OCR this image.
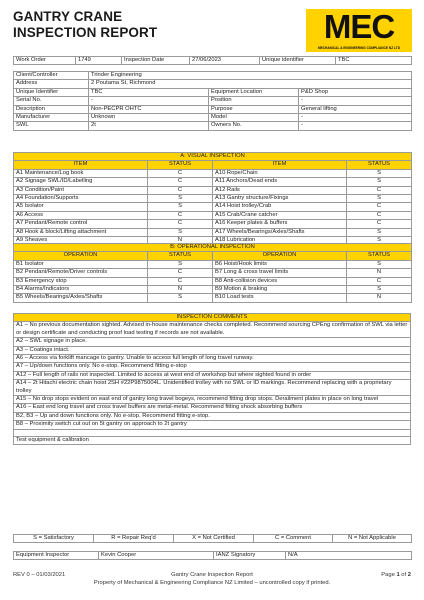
GANTRY CRANE
INSPECTION REPORT	MEC
MECHANICAL & ENGINEERING COMPLIANCE NZ LTD
Work Order	1749	Inspection Date	27/06/2023	Unique identifier	TBC
Client/Controller	Trinder Engineering		
Address	2 Poutama St, Richmond		
Unique Identifier	TBC	Equipment Location	P&D Shop
Serial No.	-	Position	-
Description	Non-PECPR OHTC	Purpose	General lifting
Manufacturer	Unknown	Model	-
SWL	2t	Owners No.	-
A: VISUAL INSPECTION			
ITEM	STATUS	ITEM	STATUS
A1 Maintenance/Log book	C	A10 Rope/Chain	S
A2 Signage SWL/ID/Labelling	C	A11 Anchors/Dead ends	S
A3 Condition/Paint	C	A12 Rails	C
A4 Foundation/Supports	S	A13 Gantry structure/Fixings	S
A5 Isolator	S	A14 Hoist trolley/Crab	C
A6 Access	C	A15 Crab/Crane catcher	C
A7 Pendant/Remote control	C	A16 Keeper plates & buffers	C
A8 Hook & block/Lifting attachment	S	A17 Wheels/Bearings/Axles/Shafts	S
A9 Sheaves	N	A18 Lubrication	S
B: OPERATIONAL INSPECTION			
OPERATION	STATUS	OPERATION	STATUS
B1 Isolator	S	B6 Hoist/Hook limits	S
B2 Pendant/Remote/Driver controls	C	B7 Long & cross travel limits	N
B3 Emergency stop	C	B8 Anti-collision devices	C
B4 Alarms/Indicators	N	B9 Motion & braking	S
B5 Wheels/Bearings/Axles/Shafts	S	B10 Load tests	N
INSPECTION COMMENTS
A1 – No previous documentation sighted. Advised in-house maintenance checks completed. Recommend sourcing CPEng confirmation of SWL via letter or design certificate and conducting proof load testing if records are not available.
A2 – SWL signage in place.
A3 – Coatings intact.
A6 – Access via forklift mancage to gantry. Unable to access full length of long travel runway.
A7 – Up/down functions only. No e-stop. Recommend fitting e-stop
A12 – Full length of rails not inspected. Limited to access at west end of workshop but where sighted found in order
A14 – 2t Hitachi electric chain hoist 2SH #22P9875004L. Unidentified trolley with no SWL or ID markings. Recommend replacing with a proprietary trolley
A15 – No drop stops evident on east end of gantry long travel bogeys, recommend fitting drop stops. Derailment plates in place on long travel
A16 – East end long travel and cross travel buffers are metal-metal. Recommend fitting shock absorbing buffers
B2, B3 – Up and down functions only. No e-stop. Recommend fitting e-stop.
B8 – Proximity switch cut out on 5t gantry on approach to 2t gantry

Test equipment & calibration
S = Satisfactory	R = Repair Req'd	X = Not Certified	C = Comment	N = Not Applicable
Equipment Inspector	Kevin Cooper	IANZ Signatory	N/A
REV 0 – 01/03/2021	Gantry Crane Inspection Report	Page 1 of 2
Property of Mechanical & Engineering Compliance NZ Limited – uncontrolled copy if printed.
